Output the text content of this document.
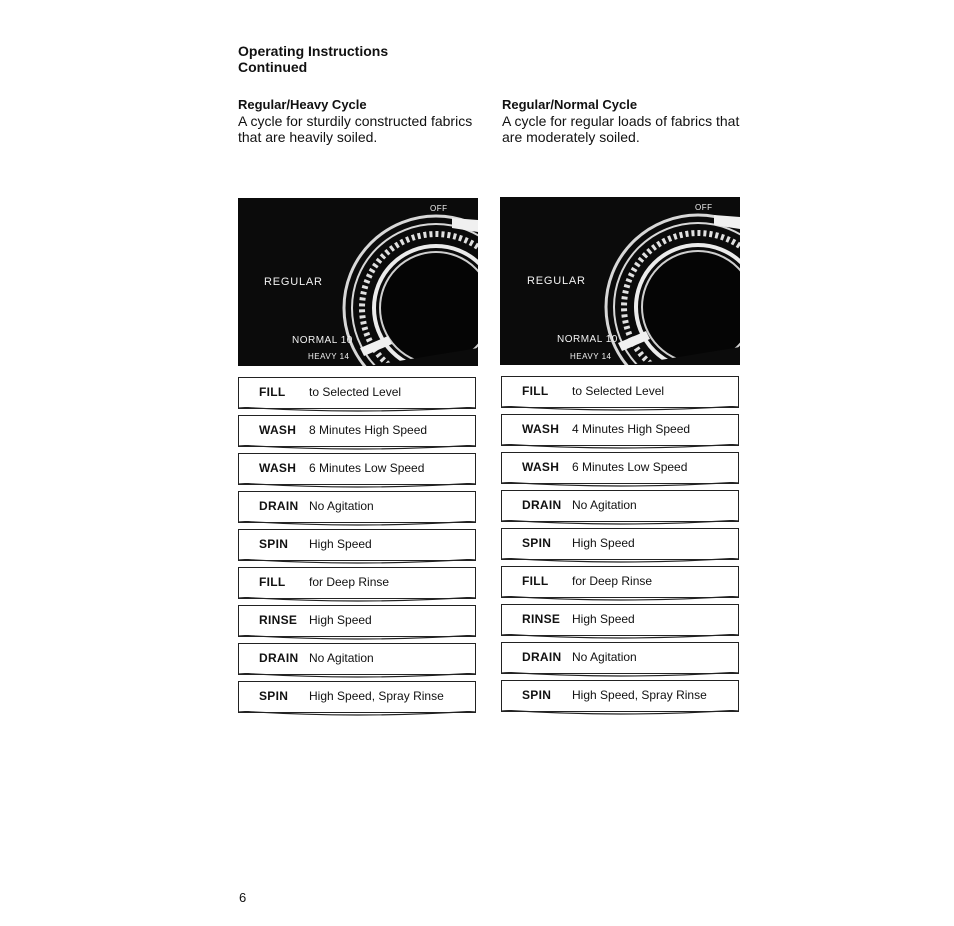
Operating Instructions
Continued
Regular/Heavy Cycle
A cycle for sturdily constructed fabrics
that are heavily soiled.
OFF
REGULAR
NORMAL 10
HEAVY 14
FILL to Selected Level
WASH 8 Minutes High Speed
WASH 6 Minutes Low Speed
DRAIN No Agitation
SPIN High Speed
FILL for Deep Rinse
RINSE High Speed
DRAIN No Agitation
SPIN High Speed, Spray Rinse
Regular/Normal Cycle
A cycle for regular loads of fabrics that
are moderately soiled.
OFF
REGULAR
NORMAL 10
HEAVY 14
FILL to Selected Level
WASH 4 Minutes High Speed
WASH 6 Minutes Low Speed
DRAIN No Agitation
SPIN High Speed
FILL for Deep Rinse
RINSE High Speed
DRAIN No Agitation
SPIN High Speed, Spray Rinse
6
